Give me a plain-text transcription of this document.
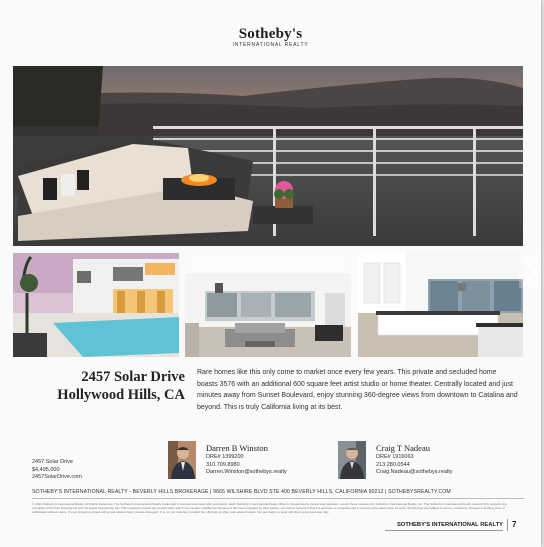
Sotheby's
INTERNATIONAL REALTY
2457 Solar Drive
Hollywood Hills, CA
Rare homes like this only come to market once every few years. This private and secluded home boasts 3576 with an additional 600 square feet artist studio or home theater. Centrally located and just minutes away from Sunset Boulevard, enjoy stunning 360-degree views from downtown to Catalina and beyond. This is truly California living at its best.
2457 Solar Drive
$4,495,000
2457SolarDrive.com
Darren B Winston
DRE# 1399200
310.709.8980
Darren.Winston@sothebys.realty
Craig T Nadeau
DRE# 1916063
213.280.0544
Craig.Nadeau@sothebys.realty
SOTHEBY'S INTERNATIONAL REALTY - BEVERLY HILLS BROKERAGE | 9665 WILSHIRE BLVD STE 400 BEVERLY HILLS, CALIFORNIA 90212 | SOTHEBYSREALTY.COM
© 2021 Sotheby's International Realty. All Rights Reserved. The Sotheby's International Realty trademark is licensed and used with permission. Each Sotheby's International Realty office is independently owned and operated, except those operated by Sotheby's International Realty, Inc. The Sotheby's International Realty network fully supports the principles of the Fair Housing Act and the Equal Opportunity Act. This material is based upon information which we consider reliable but because it has been supplied by third parties, we cannot represent that it is accurate or complete and it should not be relied upon as such. All offerings are subject to errors, omissions, changes including price or withdrawal without notice. If your property is listed with a real estate broker, please disregard. It is not our intention to solicit the offerings of other real estate brokers. We are happy to work with them and cooperate fully.
SOTHEBY'S INTERNATIONAL REALTY 7
